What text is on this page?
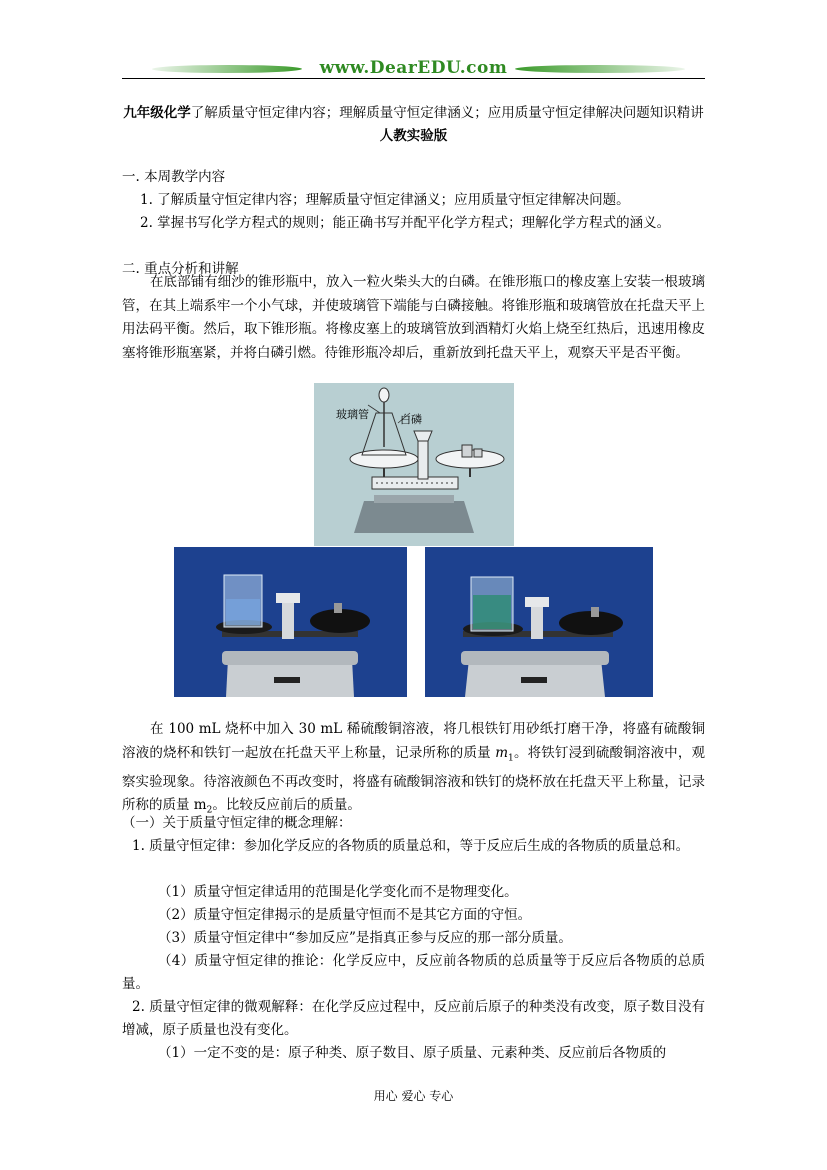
www.DearEDU.com
九年级化学了解质量守恒定律内容；理解质量守恒定律涵义；应用质量守恒定律解决问题知识精讲 人教实验版
一. 本周教学内容
1. 了解质量守恒定律内容；理解质量守恒定律涵义；应用质量守恒定律解决问题。
2. 掌握书写化学方程式的规则；能正确书写并配平化学方程式；理解化学方程式的涵义。
二. 重点分析和讲解
在底部铺有细沙的锥形瓶中，放入一粒火柴头大的白磷。在锥形瓶口的橡皮塞上安装一根玻璃管，在其上端系牢一个小气球，并使玻璃管下端能与白磷接触。将锥形瓶和玻璃管放在托盘天平上用法码平衡。然后，取下锥形瓶。将橡皮塞上的玻璃管放到酒精灯火焰上烧至红热后，迅速用橡皮塞将锥形瓶塞紧，并将白磷引燃。待锥形瓶冷却后，重新放到托盘天平上，观察天平是否平衡。
玻璃管	白磷
在 100 mL 烧杯中加入 30 mL 稀硫酸铜溶液，将几根铁钉用砂纸打磨干净，将盛有硫酸铜溶液的烧杯和铁钉一起放在托盘天平上称量，记录所称的质量 $m_1$。将铁钉浸到硫酸铜溶液中，观察实验现象。待溶液颜色不再改变时，将盛有硫酸铜溶液和铁钉的烧杯放在托盘天平上称量，记录所称的质量 $m_2$。比较反应前后的质量。
（一）关于质量守恒定律的概念理解：
1. 质量守恒定律：参加化学反应的各物质的质量总和，等于反应后生成的各物质的质量总和。
（1）质量守恒定律适用的范围是化学变化而不是物理变化。
（2）质量守恒定律揭示的是质量守恒而不是其它方面的守恒。
（3）质量守恒定律中“参加反应”是指真正参与反应的那一部分质量。
（4）质量守恒定律的推论：化学反应中，反应前各物质的总质量等于反应后各物质的总质量。
2. 质量守恒定律的微观解释：在化学反应过程中，反应前后原子的种类没有改变，原子数目没有增减，原子质量也没有变化。
（1）一定不变的是：原子种类、原子数目、原子质量、元素种类、反应前后各物质的
用心 爱心 专心
